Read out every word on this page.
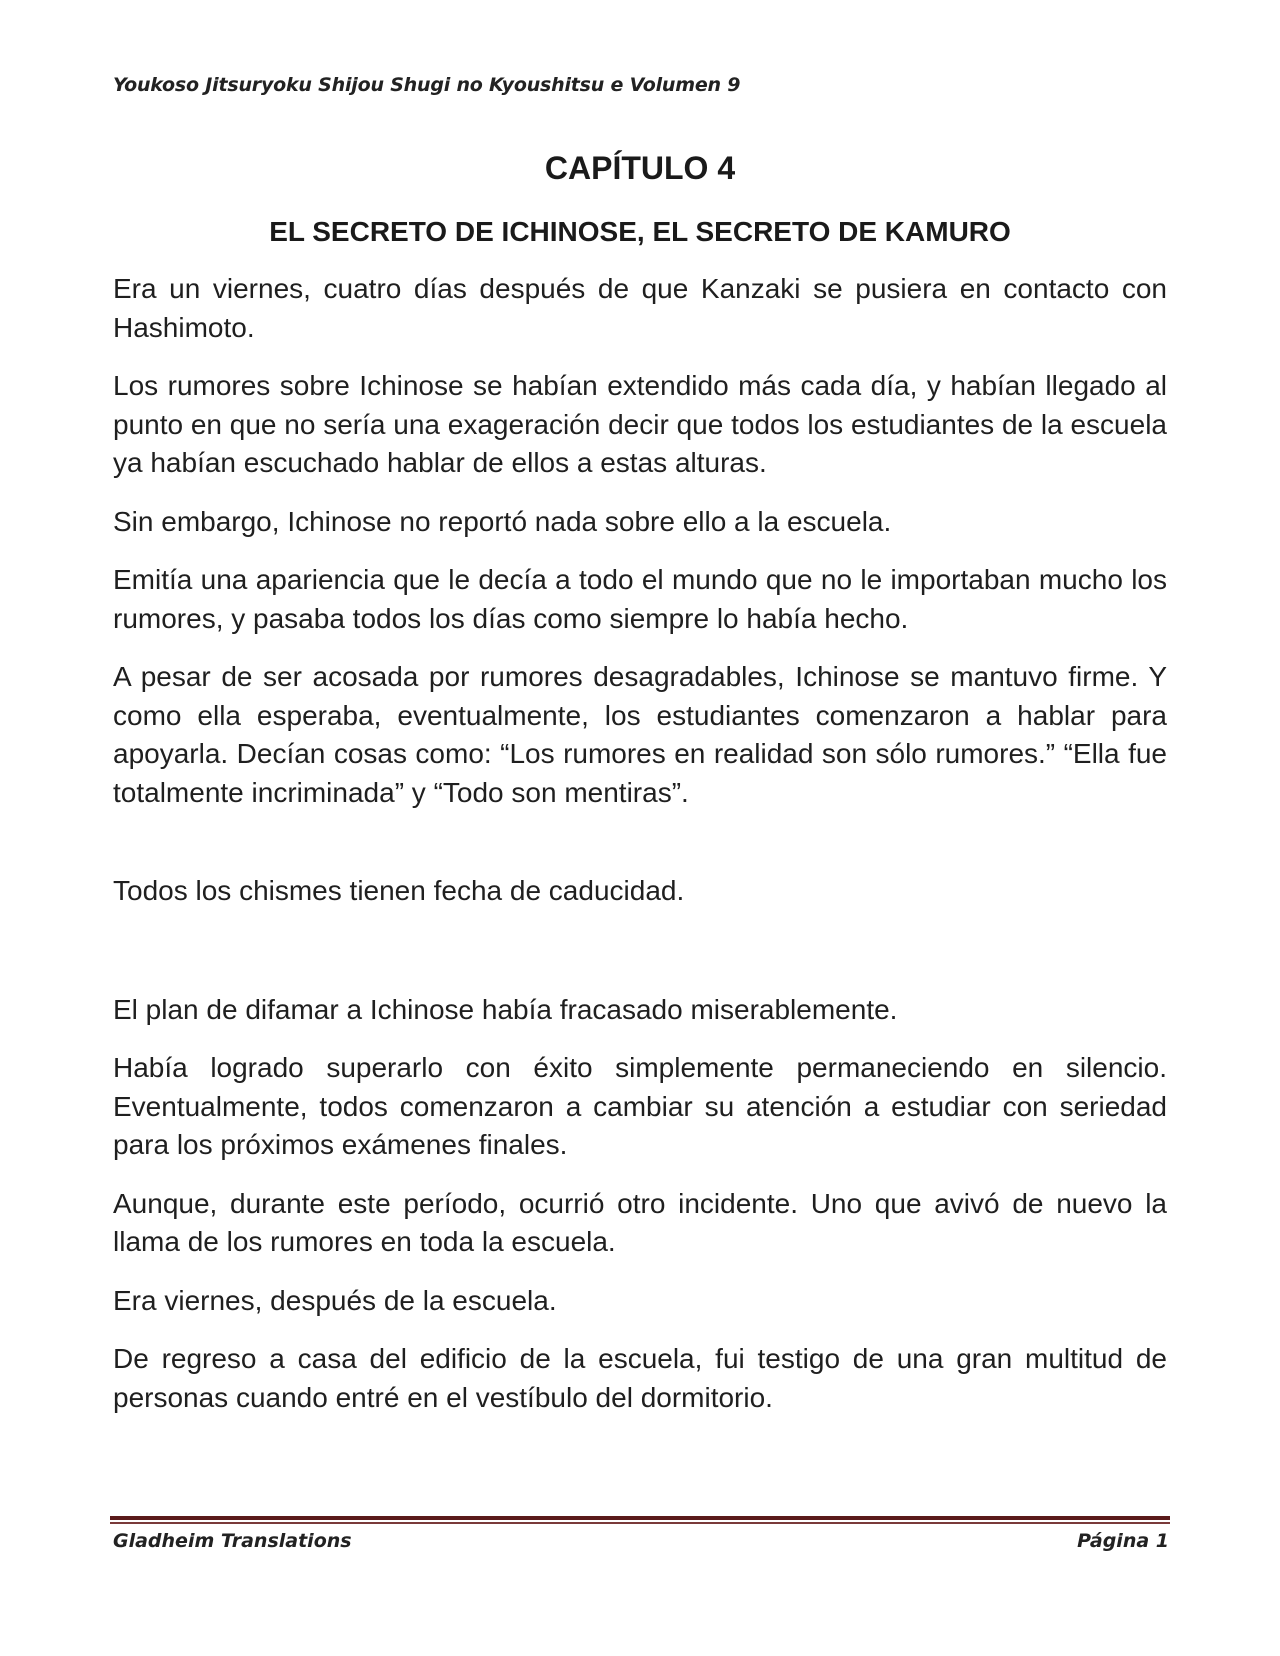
Youkoso Jitsuryoku Shijou Shugi no Kyoushitsu e Volumen 9
CAPÍTULO 4
EL SECRETO DE ICHINOSE, EL SECRETO DE KAMURO

Era un viernes, cuatro días después de que Kanzaki se pusiera en contacto con Hashimoto.

Los rumores sobre Ichinose se habían extendido más cada día, y habían llegado al punto en que no sería una exageración decir que todos los estudiantes de la escuela ya habían escuchado hablar de ellos a estas alturas.

Sin embargo, Ichinose no reportó nada sobre ello a la escuela.

Emitía una apariencia que le decía a todo el mundo que no le importaban mucho los rumores, y pasaba todos los días como siempre lo había hecho.

A pesar de ser acosada por rumores desagradables, Ichinose se mantuvo firme. Y como ella esperaba, eventualmente, los estudiantes comenzaron a hablar para apoyarla. Decían cosas como: “Los rumores en realidad son sólo rumores.” “Ella fue totalmente incriminada” y “Todo son mentiras”.

Todos los chismes tienen fecha de caducidad.

El plan de difamar a Ichinose había fracasado miserablemente.

Había logrado superarlo con éxito simplemente permaneciendo en silencio. Eventualmente, todos comenzaron a cambiar su atención a estudiar con seriedad para los próximos exámenes finales.

Aunque, durante este período, ocurrió otro incidente. Uno que avivó de nuevo la llama de los rumores en toda la escuela.

Era viernes, después de la escuela.

De regreso a casa del edificio de la escuela, fui testigo de una gran multitud de personas cuando entré en el vestíbulo del dormitorio.

Gladheim Translations	Página 1
